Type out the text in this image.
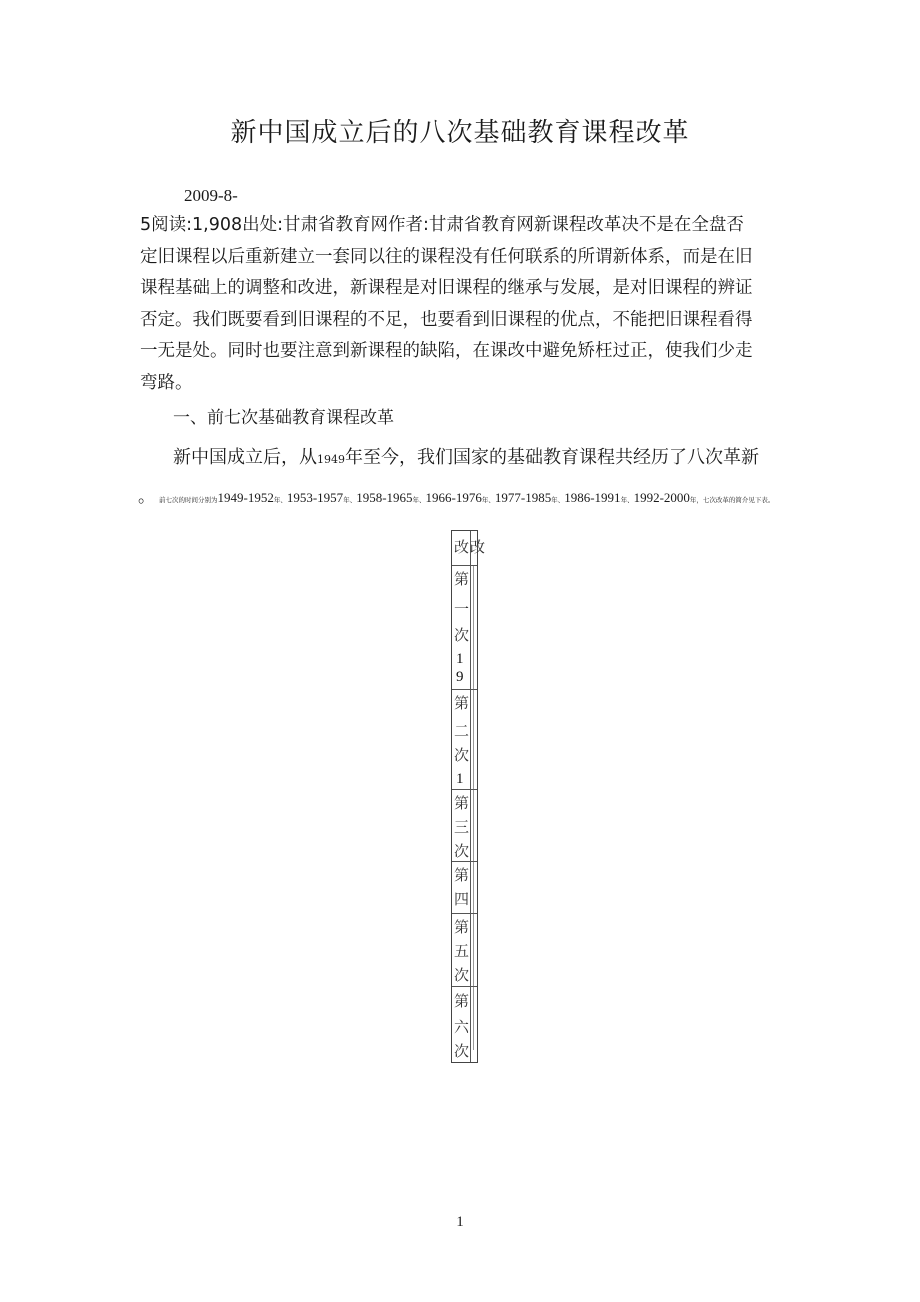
新中国成立后的八次基础教育课程改革
2009-8-
5阅读:1,908出处:甘肃省教育网作者:甘肃省教育网新课程改革决不是在全盘否
定旧课程以后重新建立一套同以往的课程没有任何联系的所谓新体系，而是在旧
课程基础上的调整和改进，新课程是对旧课程的继承与发展，是对旧课程的辨证
否定。我们既要看到旧课程的不足，也要看到旧课程的优点，不能把旧课程看得
一无是处。同时也要注意到新课程的缺陷，在课改中避免矫枉过正，使我们少走
弯路。
一、前七次基础教育课程改革
新中国成立后，从1949年至今，我们国家的基础教育课程共经历了八次革新
。 前七次的时间分别为1949-1952年、1953-1957年、1958-1965年、1966-1976年、1977-1985年、1986-1991年、1992-2000年，七次改革的简介见下表。
改 改
第
一
次
1
9
第
二
次
1
第
三
次
第
四
第
五
次
第
六
次
1
